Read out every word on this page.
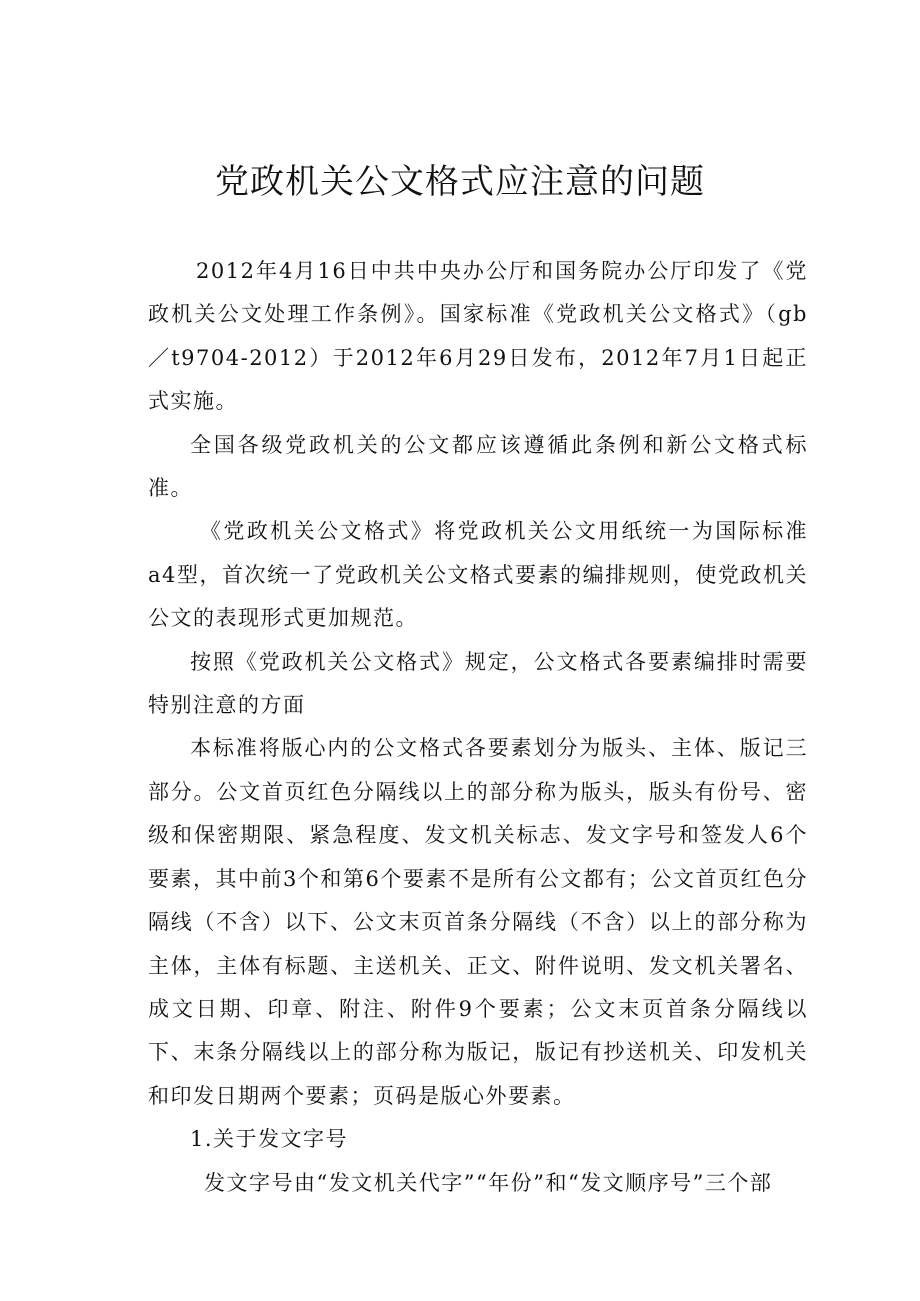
党政机关公文格式应注意的问题

2012年4月16日中共中央办公厅和国务院办公厅印发了《党政机关公文处理工作条例》。国家标准《党政机关公文格式》（gb／t9704-2012）于2012年6月29日发布，2012年7月1日起正式实施。

全国各级党政机关的公文都应该遵循此条例和新公文格式标准。

《党政机关公文格式》将党政机关公文用纸统一为国际标准a4型，首次统一了党政机关公文格式要素的编排规则，使党政机关公文的表现形式更加规范。

按照《党政机关公文格式》规定，公文格式各要素编排时需要特别注意的方面

本标准将版心内的公文格式各要素划分为版头、主体、版记三部分。公文首页红色分隔线以上的部分称为版头，版头有份号、密级和保密期限、紧急程度、发文机关标志、发文字号和签发人6个要素，其中前3个和第6个要素不是所有公文都有；公文首页红色分隔线（不含）以下、公文末页首条分隔线（不含）以上的部分称为主体，主体有标题、主送机关、正文、附件说明、发文机关署名、成文日期、印章、附注、附件9个要素；公文末页首条分隔线以下、末条分隔线以上的部分称为版记，版记有抄送机关、印发机关和印发日期两个要素；页码是版心外要素。

1.关于发文字号

发文字号由“发文机关代字”“年份”和“发文顺序号”三个部
